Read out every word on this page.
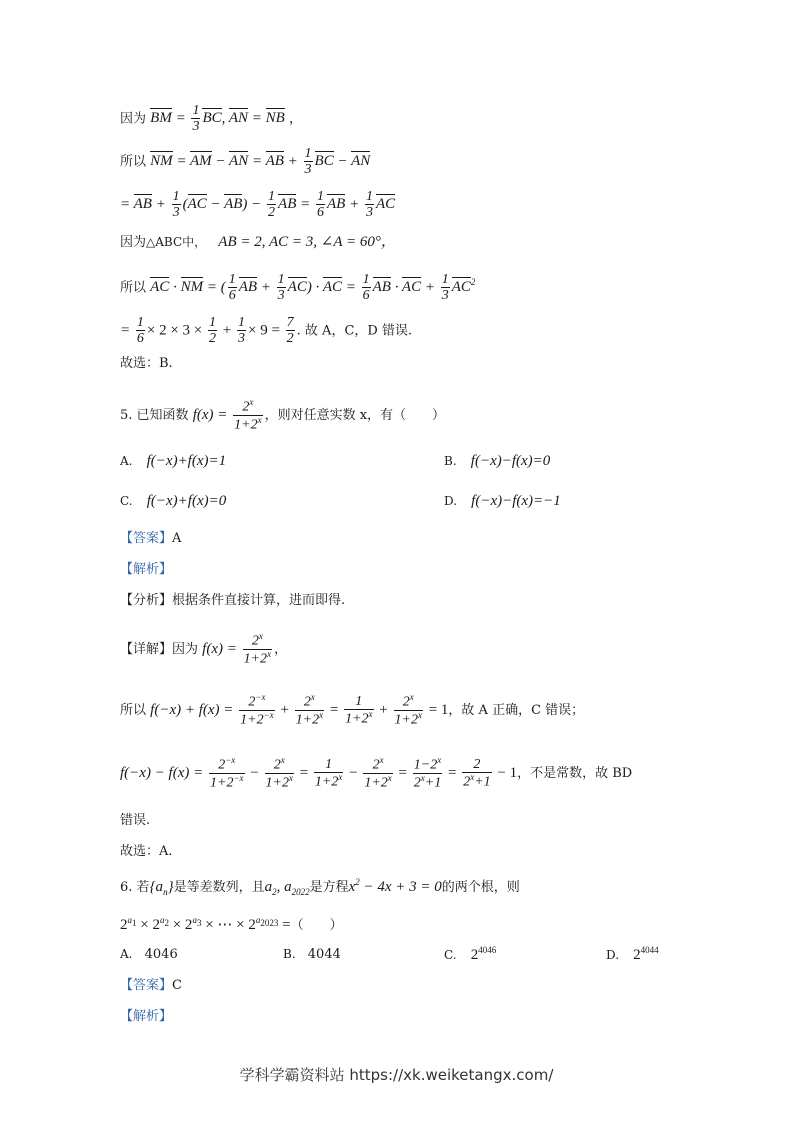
因为 BM = $\frac{1}{3}$ BC, AN = NB ，
所以 NM = AM − AN = AB + $\frac{1}{3}$ BC − AN
= AB + $\frac{1}{3} (AC - AB) - \frac{1}{2}$ AB = $\frac{1}{6}$ AB + $\frac{1}{3}$ AC
因为△ABC中， AB = 2, AC = 3, ∠A = 60°，
所以 AC · NM = ( $\frac{1}{6}$ AB + $\frac{1}{3} AC$) · AC = $\frac{1}{6}$ AB · AC + $\frac{1}{3} AC^2$
= $\frac{1}{6} \times 2 \times 3 \times \frac{1}{2} + \frac{1}{3} \times 9 = \frac{7}{2}$ . 故 A，C，D 错误.
故选：B.
5. 已知函数 $f(x) = \frac{2^x}{1+2^x}$ ，则对任意实数 x，有（　　）
A. f(−x)+f(x)=1	B. f(−x)−f(x)=0
C. f(−x)+f(x)=0	D. f(−x)−f(x)=−1
【答案】A
【解析】
【分析】根据条件直接计算，进而即得.
【详解】因为 $f(x) = \frac{2^x}{1+2^x}$ ，
所以 $f(-x) + f(x) = \frac{2^{-x}}{1+2^{-x}} + \frac{2^x}{1+2^x} = \frac{1}{1+2^x} + \frac{2^x}{1+2^x} = 1$，故 A 正确，C 错误；
$f(-x) - f(x) = \frac{2^{-x}}{1+2^{-x}} - \frac{2^x}{1+2^x} = \frac{1}{1+2^x} - \frac{2^x}{1+2^x} = \frac{1-2^x}{2^x+1} = \frac{2}{2^x+1} - 1$，不是常数，故 BD
错误.
故选：A.
6. 若$\{a_n\}$是等差数列，且$a_2$, $a_{2022}$是方程$x^2 - 4x + 3 = 0$的两个根，则
$2^{a_1} \times 2^{a_2} \times 2^{a_3}$ × ⋯ × $2^{a_{2023}}$ =（　　）
A. 4046	B. 4044	C. $2^{4046}$	D. $2^{4044}$
【答案】C
【解析】
学科学霸资料站 https://xk.weiketangx.com/
